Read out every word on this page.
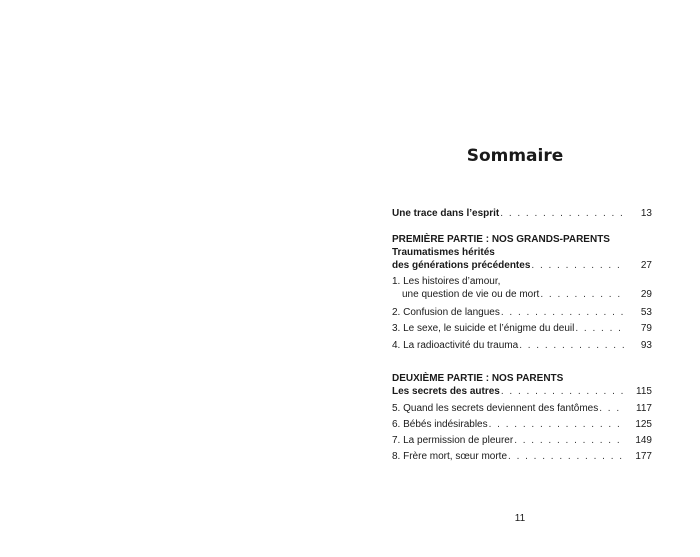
Sommaire
Une trace dans l’esprit . . .	13
PREMIÈRE PARTIE : NOS GRANDS-PARENTS
Traumatismes hérités
des générations précédentes . . .	27
1. Les histoires d’amour,
une question de vie ou de mort . . .	29
2. Confusion de langues . . .	53
3. Le sexe, le suicide et l’énigme du deuil . . .	79
4. La radioactivité du trauma . . .	93
DEUXIÈME PARTIE : NOS PARENTS
Les secrets des autres . . .	115
5. Quand les secrets deviennent des fantômes . . .	117
6. Bébés indésirables . . .	125
7. La permission de pleurer . . .	149
8. Frère mort, sœur morte . . .	177
11
